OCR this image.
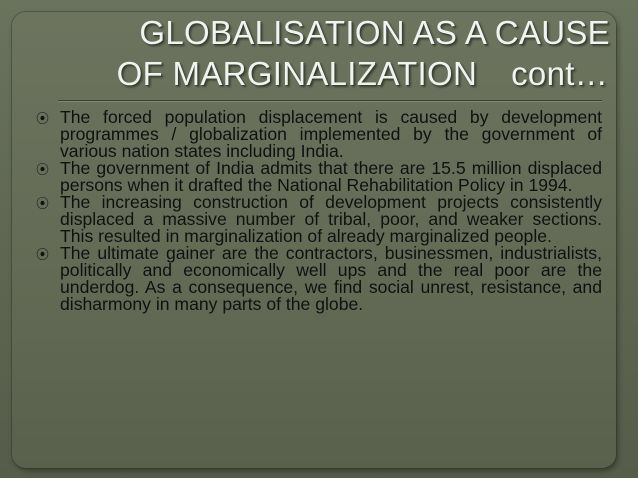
GLOBALISATION AS A CAUSE
OF MARGINALIZATION cont…
⦿ The forced population displacement is caused by development programmes / globalization implemented by the government of various nation states including India.
⦿ The government of India admits that there are 15.5 million displaced persons when it drafted the National Rehabilitation Policy in 1994.
⦿ The increasing construction of development projects consistently displaced a massive number of tribal, poor, and weaker sections. This resulted in marginalization of already marginalized people.
⦿ The ultimate gainer are the contractors, businessmen, industrialists, politically and economically well ups and the real poor are the underdog. As a consequence, we find social unrest, resistance, and disharmony in many parts of the globe.
